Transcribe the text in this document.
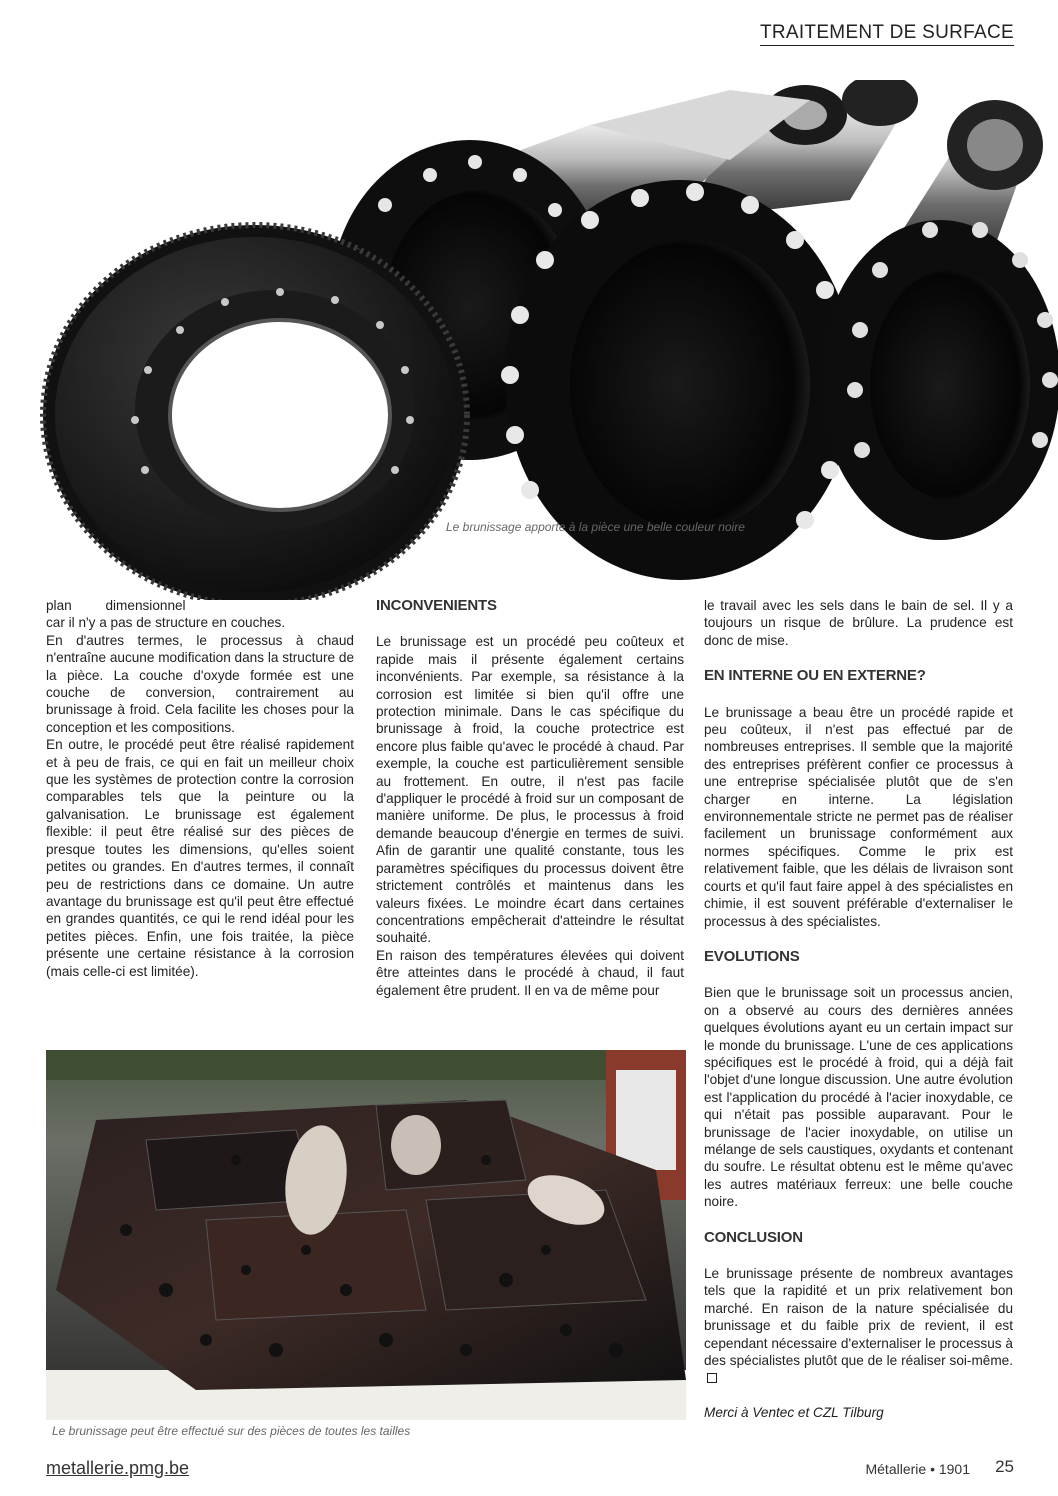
TRAITEMENT DE SURFACE
Le brunissage apporte à la pièce une belle couleur noire

plan dimensionnel

car il n'y a pas de structure en couches.

En d'autres termes, le processus à chaud n'entraîne aucune modification dans la structure de la pièce. La couche d'oxyde formée est une couche de conversion, contrairement au brunissage à froid. Cela facilite les choses pour la conception et les compositions.

En outre, le procédé peut être réalisé rapidement et à peu de frais, ce qui en fait un meilleur choix que les systèmes de protection contre la corrosion comparables tels que la peinture ou la galvanisation. Le brunissage est également flexible: il peut être réalisé sur des pièces de presque toutes les dimensions, qu'elles soient petites ou grandes. En d'autres termes, il connaît peu de restrictions dans ce domaine. Un autre avantage du brunissage est qu'il peut être effectué en grandes quantités, ce qui le rend idéal pour les petites pièces. Enfin, une fois traitée, la pièce présente une certaine résistance à la corrosion (mais celle-ci est limitée).

INCONVENIENTS

Le brunissage est un procédé peu coûteux et rapide mais il présente également certains inconvénients. Par exemple, sa résistance à la corrosion est limitée si bien qu'il offre une protection minimale. Dans le cas spécifique du brunissage à froid, la couche protectrice est encore plus faible qu'avec le procédé à chaud. Par exemple, la couche est particulièrement sensible au frottement. En outre, il n'est pas facile d'appliquer le procédé à froid sur un composant de manière uniforme. De plus, le processus à froid demande beaucoup d'énergie en termes de suivi. Afin de garantir une qualité constante, tous les paramètres spécifiques du processus doivent être strictement contrôlés et maintenus dans les valeurs fixées. Le moindre écart dans certaines concentrations empêcherait d'atteindre le résultat souhaité.

En raison des températures élevées qui doivent être atteintes dans le procédé à chaud, il faut également être prudent. Il en va de même pour

le travail avec les sels dans le bain de sel. Il y a toujours un risque de brûlure. La prudence est donc de mise.

EN INTERNE OU EN EXTERNE?

Le brunissage a beau être un procédé rapide et peu coûteux, il n'est pas effectué par de nombreuses entreprises. Il semble que la majorité des entreprises préfèrent confier ce processus à une entreprise spécialisée plutôt que de s'en charger en interne. La législation environnementale stricte ne permet pas de réaliser facilement un brunissage conformément aux normes spécifiques. Comme le prix est relativement faible, que les délais de livraison sont courts et qu'il faut faire appel à des spécialistes en chimie, il est souvent préférable d'externaliser le processus à des spécialistes.

EVOLUTIONS

Bien que le brunissage soit un processus ancien, on a observé au cours des dernières années quelques évolutions ayant eu un certain impact sur le monde du brunissage. L'une de ces applications spécifiques est le procédé à froid, qui a déjà fait l'objet d'une longue discussion. Une autre évolution est l'application du procédé à l'acier inoxydable, ce qui n'était pas possible auparavant. Pour le brunissage de l'acier inoxydable, on utilise un mélange de sels caustiques, oxydants et contenant du soufre. Le résultat obtenu est le même qu'avec les autres matériaux ferreux: une belle couche noire.

CONCLUSION

Le brunissage présente de nombreux avantages tels que la rapidité et un prix relativement bon marché. En raison de la nature spécialisée du brunissage et du faible prix de revient, il est cependant nécessaire d'externaliser le processus à des spécialistes plutôt que de le réaliser soi-même.

Merci à Ventec et CZL Tilburg

Le brunissage peut être effectué sur des pièces de toutes les tailles
metallerie.pmg.be	Métallerie • 1901 25
